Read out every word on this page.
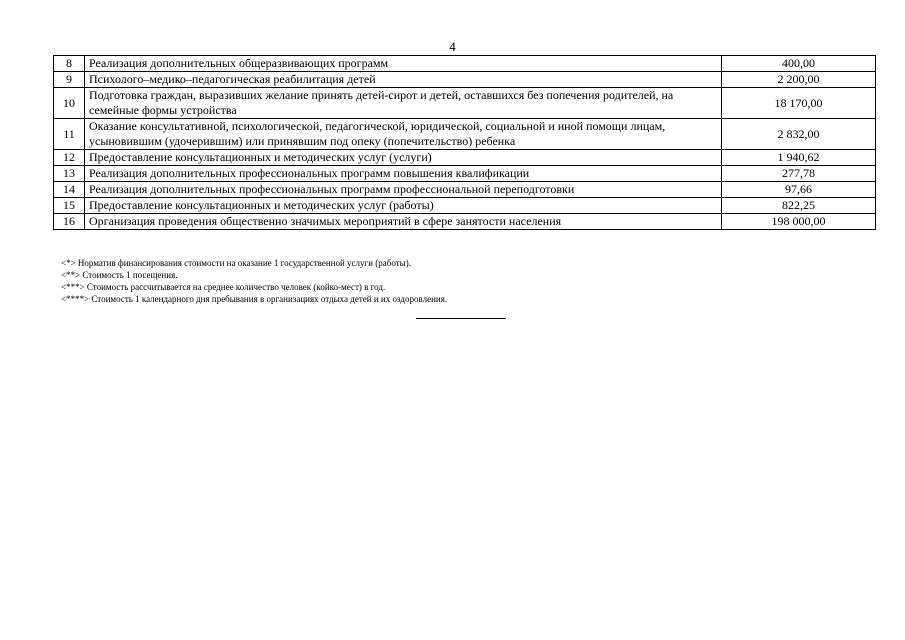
4
8	Реализация дополнительных общеразвивающих программ	400,00
9	Психолого–медико–педагогическая реабилитация детей	2 200,00
10	Подготовка граждан, выразивших желание принять детей-сирот и детей, оставшихся без попечения родителей, на семейные формы устройства	18 170,00
11	Оказание консультативной, психологической, педагогической, юридической, социальной и иной помощи лицам, усыновившим (удочерившим) или принявшим под опеку (попечительство) ребенка	2 832,00
12	Предоставление консультационных и методических услуг (услуги)	1 940,62
13	Реализация дополнительных профессиональных программ повышения квалификации	277,78
14	Реализация дополнительных профессиональных программ профессиональной переподготовки	97,66
15	Предоставление консультационных и методических услуг (работы)	822,25
16	Организация проведения общественно значимых мероприятий в сфере занятости населения	198 000,00
<*> Норматив финансирования стоимости на оказание 1 государственной услуги (работы).
<**> Стоимость 1 посещения.
<***> Стоимость рассчитывается на среднее количество человек (койко-мест) в год.
<****> Стоимость 1 календарного дня пребывания в организациях отдыха детей и их оздоровления.
